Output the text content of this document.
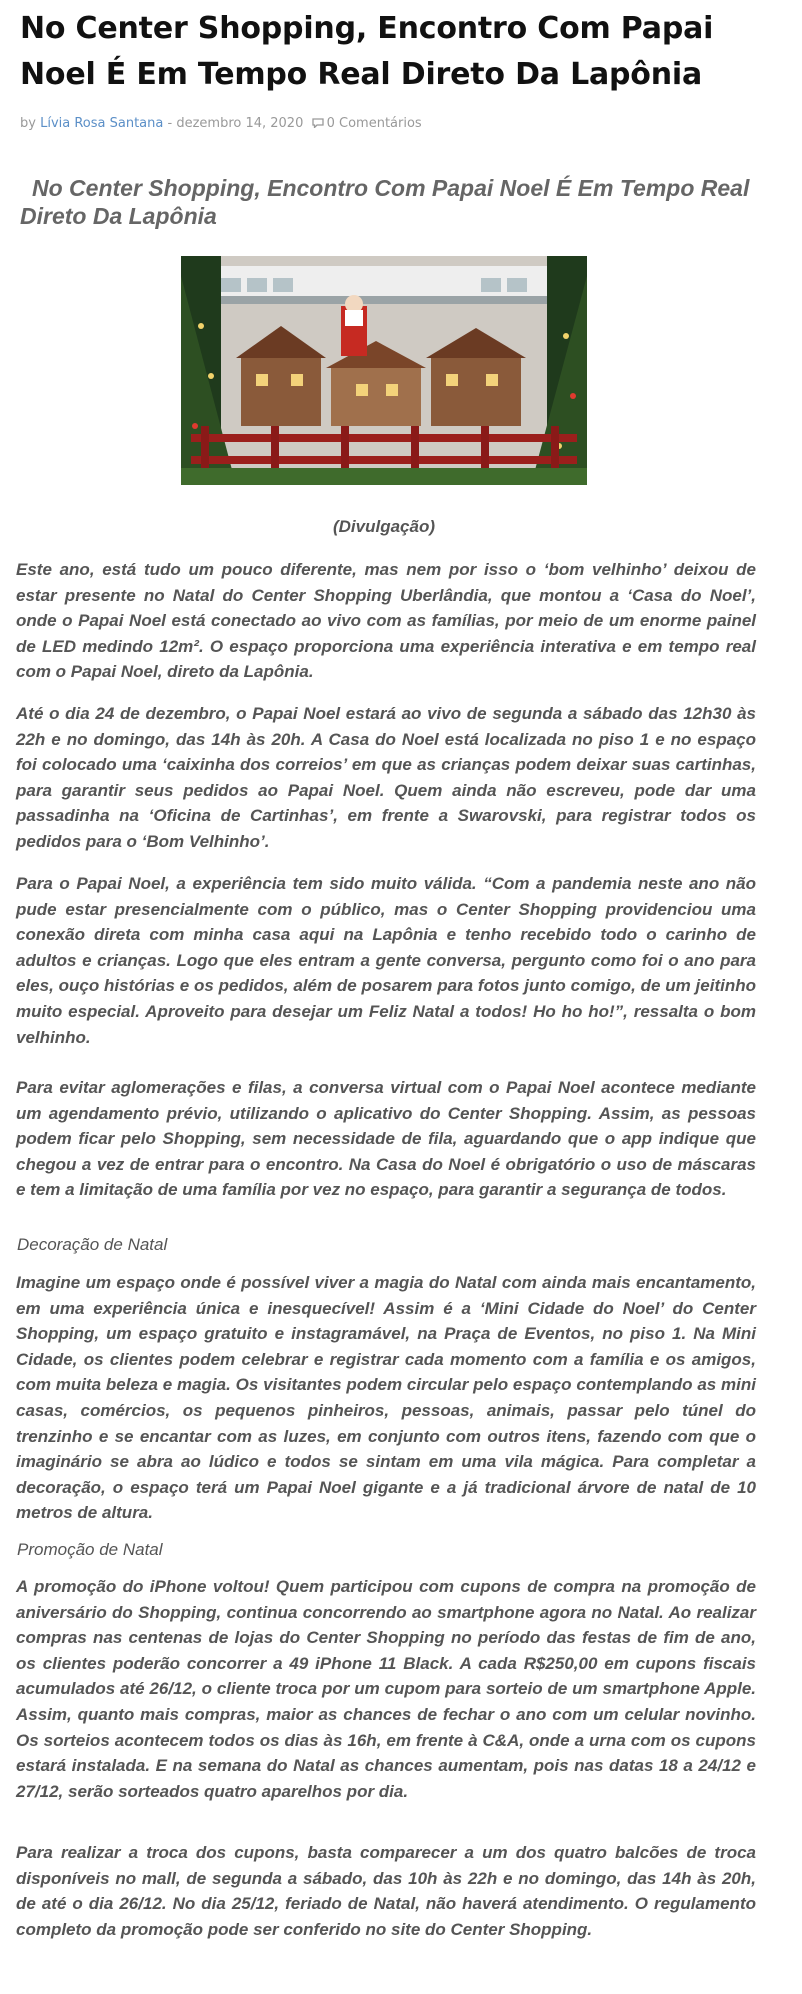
No Center Shopping, Encontro Com Papai Noel É Em Tempo Real Direto Da Lapônia
by Lívia Rosa Santana - dezembro 14, 2020 0 Comentários
No Center Shopping, Encontro Com Papai Noel É Em Tempo Real Direto Da Lapônia
(Divulgação)

Este ano, está tudo um pouco diferente, mas nem por isso o ‘bom velhinho’ deixou de estar presente no Natal do Center Shopping Uberlândia, que montou a ‘Casa do Noel’, onde o Papai Noel está conectado ao vivo com as famílias, por meio de um enorme painel de LED medindo 12m². O espaço proporciona uma experiência interativa e em tempo real com o Papai Noel, direto da Lapônia.

Até o dia 24 de dezembro, o Papai Noel estará ao vivo de segunda a sábado das 12h30 às 22h e no domingo, das 14h às 20h. A Casa do Noel está localizada no piso 1 e no espaço foi colocado uma ‘caixinha dos correios’ em que as crianças podem deixar suas cartinhas, para garantir seus pedidos ao Papai Noel. Quem ainda não escreveu, pode dar uma passadinha na ‘Oficina de Cartinhas’, em frente a Swarovski, para registrar todos os pedidos para o ‘Bom Velhinho’.

Para o Papai Noel, a experiência tem sido muito válida. “Com a pandemia neste ano não pude estar presencialmente com o público, mas o Center Shopping providenciou uma conexão direta com minha casa aqui na Lapônia e tenho recebido todo o carinho de adultos e crianças. Logo que eles entram a gente conversa, pergunto como foi o ano para eles, ouço histórias e os pedidos, além de posarem para fotos junto comigo, de um jeitinho muito especial. Aproveito para desejar um Feliz Natal a todos! Ho ho ho!”, ressalta o bom velhinho.

Para evitar aglomerações e filas, a conversa virtual com o Papai Noel acontece mediante um agendamento prévio, utilizando o aplicativo do Center Shopping. Assim, as pessoas podem ficar pelo Shopping, sem necessidade de fila, aguardando que o app indique que chegou a vez de entrar para o encontro. Na Casa do Noel é obrigatório o uso de máscaras e tem a limitação de uma família por vez no espaço, para garantir a segurança de todos.

Decoração de Natal

Imagine um espaço onde é possível viver a magia do Natal com ainda mais encantamento, em uma experiência única e inesquecível! Assim é a ‘Mini Cidade do Noel’ do Center Shopping, um espaço gratuito e instagramável, na Praça de Eventos, no piso 1. Na Mini Cidade, os clientes podem celebrar e registrar cada momento com a família e os amigos, com muita beleza e magia. Os visitantes podem circular pelo espaço contemplando as mini casas, comércios, os pequenos pinheiros, pessoas, animais, passar pelo túnel do trenzinho e se encantar com as luzes, em conjunto com outros itens, fazendo com que o imaginário se abra ao lúdico e todos se sintam em uma vila mágica. Para completar a decoração, o espaço terá um Papai Noel gigante e a já tradicional árvore de natal de 10 metros de altura.

Promoção de Natal

A promoção do iPhone voltou! Quem participou com cupons de compra na promoção de aniversário do Shopping, continua concorrendo ao smartphone agora no Natal. Ao realizar compras nas centenas de lojas do Center Shopping no período das festas de fim de ano, os clientes poderão concorrer a 49 iPhone 11 Black. A cada R$250,00 em cupons fiscais acumulados até 26/12, o cliente troca por um cupom para sorteio de um smartphone Apple. Assim, quanto mais compras, maior as chances de fechar o ano com um celular novinho. Os sorteios acontecem todos os dias às 16h, em frente à C&A, onde a urna com os cupons estará instalada. E na semana do Natal as chances aumentam, pois nas datas 18 a 24/12 e 27/12, serão sorteados quatro aparelhos por dia.

Para realizar a troca dos cupons, basta comparecer a um dos quatro balcões de troca disponíveis no mall, de segunda a sábado, das 10h às 22h e no domingo, das 14h às 20h, de até o dia 26/12. No dia 25/12, feriado de Natal, não haverá atendimento. O regulamento completo da promoção pode ser conferido no site do Center Shopping.
